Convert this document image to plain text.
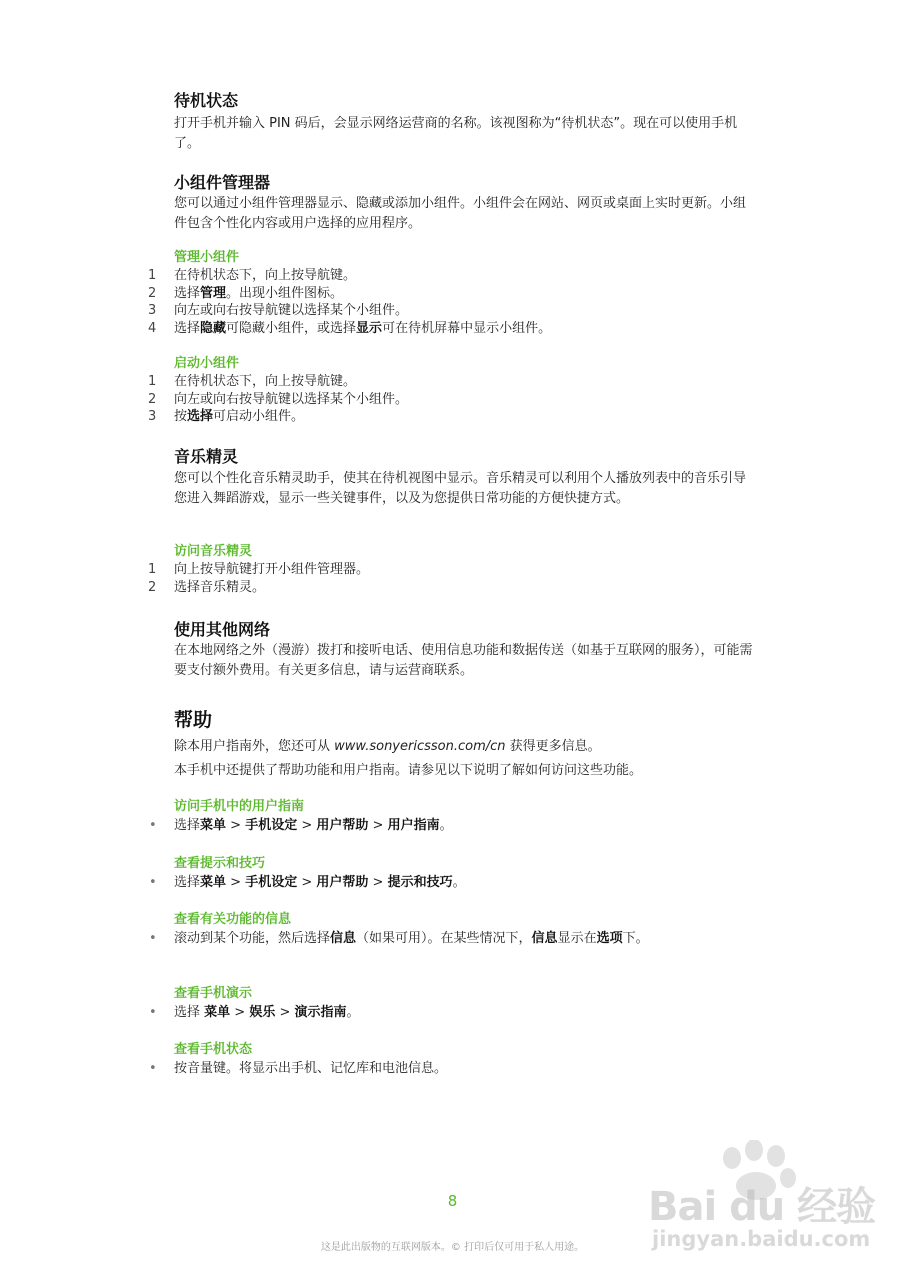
待机状态

打开手机并输入 PIN 码后，会显示网络运营商的名称。该视图称为“待机状态”。现在可以使用手机了。

小组件管理器

您可以通过小组件管理器显示、隐藏或添加小组件。小组件会在网站、网页或桌面上实时更新。小组件包含个性化内容或用户选择的应用程序。

管理小组件
1 在待机状态下，向上按导航键。
2 选择管理。出现小组件图标。
3 向左或向右按导航键以选择某个小组件。
4 选择隐藏可隐藏小组件，或选择显示可在待机屏幕中显示小组件。
启动小组件
1 在待机状态下，向上按导航键。
2 向左或向右按导航键以选择某个小组件。
3 按选择可启动小组件。
音乐精灵

您可以个性化音乐精灵助手，使其在待机视图中显示。音乐精灵可以利用个人播放列表中的音乐引导您进入舞蹈游戏，显示一些关键事件，以及为您提供日常功能的方便快捷方式。

访问音乐精灵
1 向上按导航键打开小组件管理器。
2 选择音乐精灵。
使用其他网络

在本地网络之外（漫游）拨打和接听电话、使用信息功能和数据传送（如基于互联网的服务），可能需要支付额外费用。有关更多信息，请与运营商联系。

帮助

除本用户指南外，您还可从 www.sonyericsson.com/cn 获得更多信息。

本手机中还提供了帮助功能和用户指南。请参见以下说明了解如何访问这些功能。

访问手机中的用户指南
• 选择菜单 > 手机设定 > 用户帮助 > 用户指南。
查看提示和技巧
• 选择菜单 > 手机设定 > 用户帮助 > 提示和技巧。
查看有关功能的信息
• 滚动到某个功能，然后选择信息（如果可用）。在某些情况下，信息显示在选项下。
查看手机演示
• 选择 菜单 > 娱乐 > 演示指南。
查看手机状态
• 按音量键。将显示出手机、记忆库和电池信息。
Bai du 经验
jingyan.baidu.com
8
这是此出版物的互联网版本。© 打印后仅可用于私人用途。
